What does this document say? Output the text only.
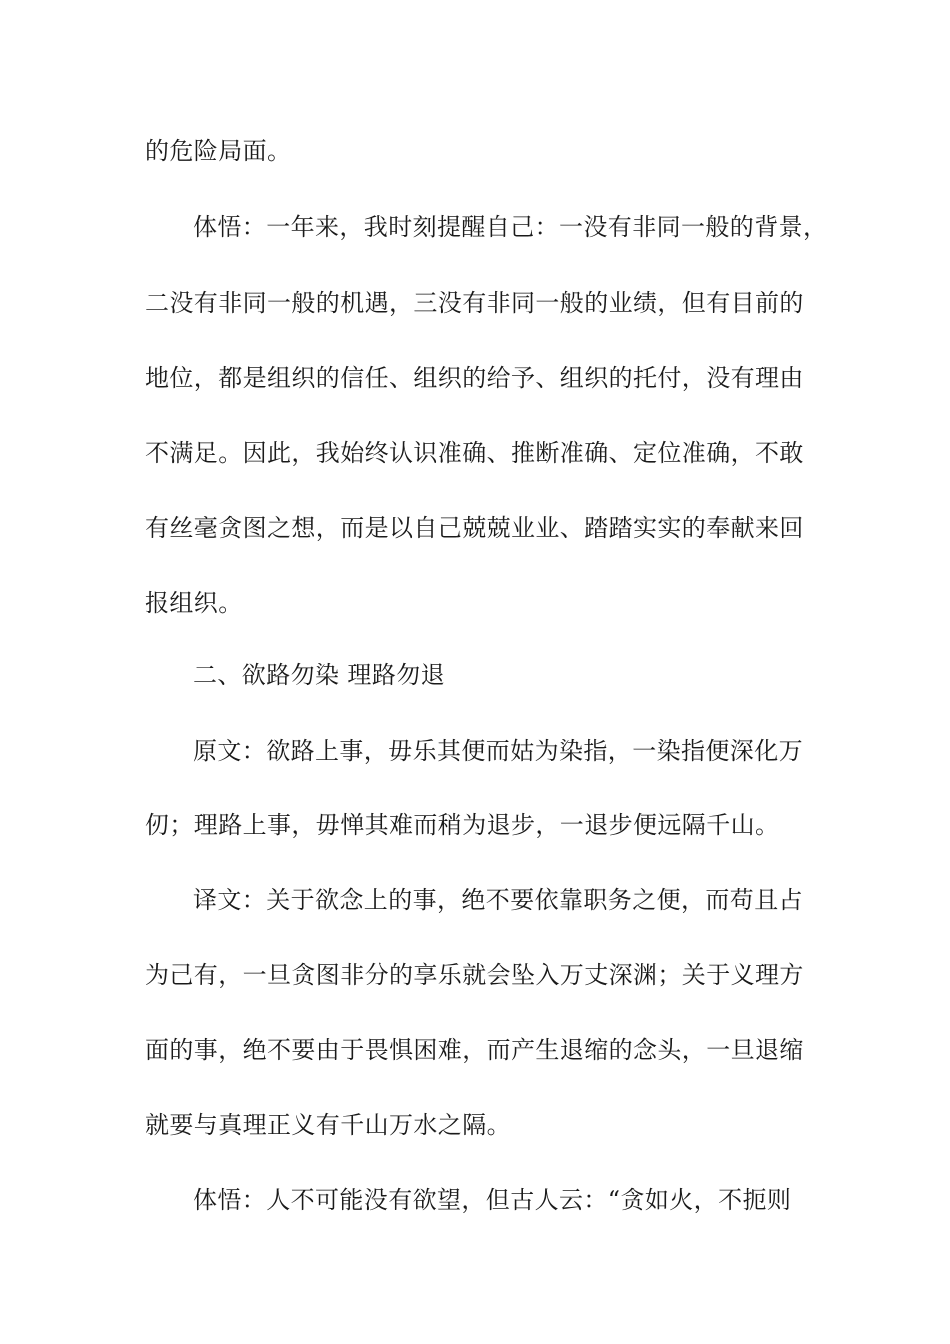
的危险局面。
体悟：一年来，我时刻提醒自己：一没有非同一般的背景，
二没有非同一般的机遇，三没有非同一般的业绩，但有目前的
地位，都是组织的信任、组织的给予、组织的托付，没有理由
不满足。因此，我始终认识准确、推断准确、定位准确，不敢
有丝毫贪图之想，而是以自己兢兢业业、踏踏实实的奉献来回
报组织。
二、欲路勿染 理路勿退
原文：欲路上事，毋乐其便而姑为染指，一染指便深化万
仞；理路上事，毋惮其难而稍为退步，一退步便远隔千山。
译文：关于欲念上的事，绝不要依靠职务之便，而苟且占
为己有，一旦贪图非分的享乐就会坠入万丈深渊；关于义理方
面的事，绝不要由于畏惧困难，而产生退缩的念头，一旦退缩
就要与真理正义有千山万水之隔。
体悟：人不可能没有欲望，但古人云：“贪如火，不扼则
